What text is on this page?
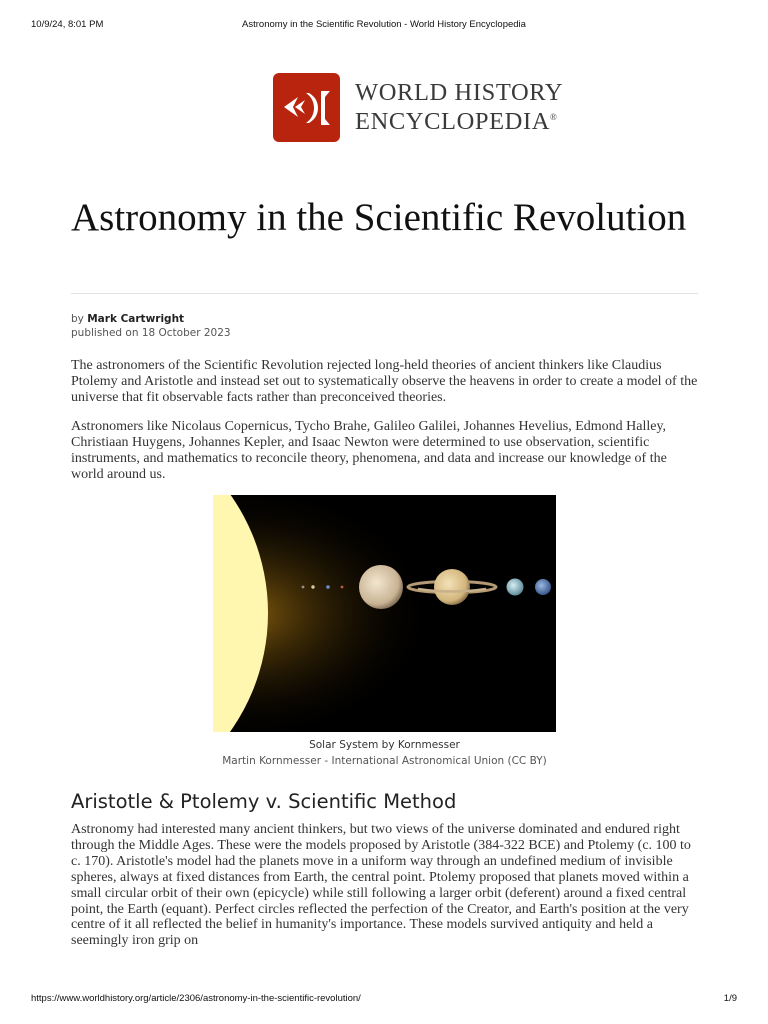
10/9/24, 8:01 PM	Astronomy in the Scientific Revolution - World History Encyclopedia
WORLD HISTORY
ENCYCLOPEDIA®
Astronomy in the Scientific Revolution
by Mark Cartwright
published on 18 October 2023

The astronomers of the Scientific Revolution rejected long-held theories of ancient thinkers like Claudius Ptolemy and Aristotle and instead set out to systematically observe the heavens in order to create a model of the universe that fit observable facts rather than preconceived theories.

Astronomers like Nicolaus Copernicus, Tycho Brahe, Galileo Galilei, Johannes Hevelius, Edmond Halley, Christiaan Huygens, Johannes Kepler, and Isaac Newton were determined to use observation, scientific instruments, and mathematics to reconcile theory, phenomena, and data and increase our knowledge of the world around us.

Solar System by Kornmesser
Martin Kornmesser - International Astronomical Union (CC BY)
Aristotle & Ptolemy v. Scientific Method

Astronomy had interested many ancient thinkers, but two views of the universe dominated and endured right through the Middle Ages. These were the models proposed by Aristotle (384-322 BCE) and Ptolemy (c. 100 to c. 170). Aristotle's model had the planets move in a uniform way through an undefined medium of invisible spheres, always at fixed distances from Earth, the central point. Ptolemy proposed that planets moved within a small circular orbit of their own (epicycle) while still following a larger orbit (deferent) around a fixed central point, the Earth (equant). Perfect circles reflected the perfection of the Creator, and Earth's position at the very centre of it all reflected the belief in humanity's importance. These models survived antiquity and held a seemingly iron grip on

https://www.worldhistory.org/article/2306/astronomy-in-the-scientific-revolution/	1/9
